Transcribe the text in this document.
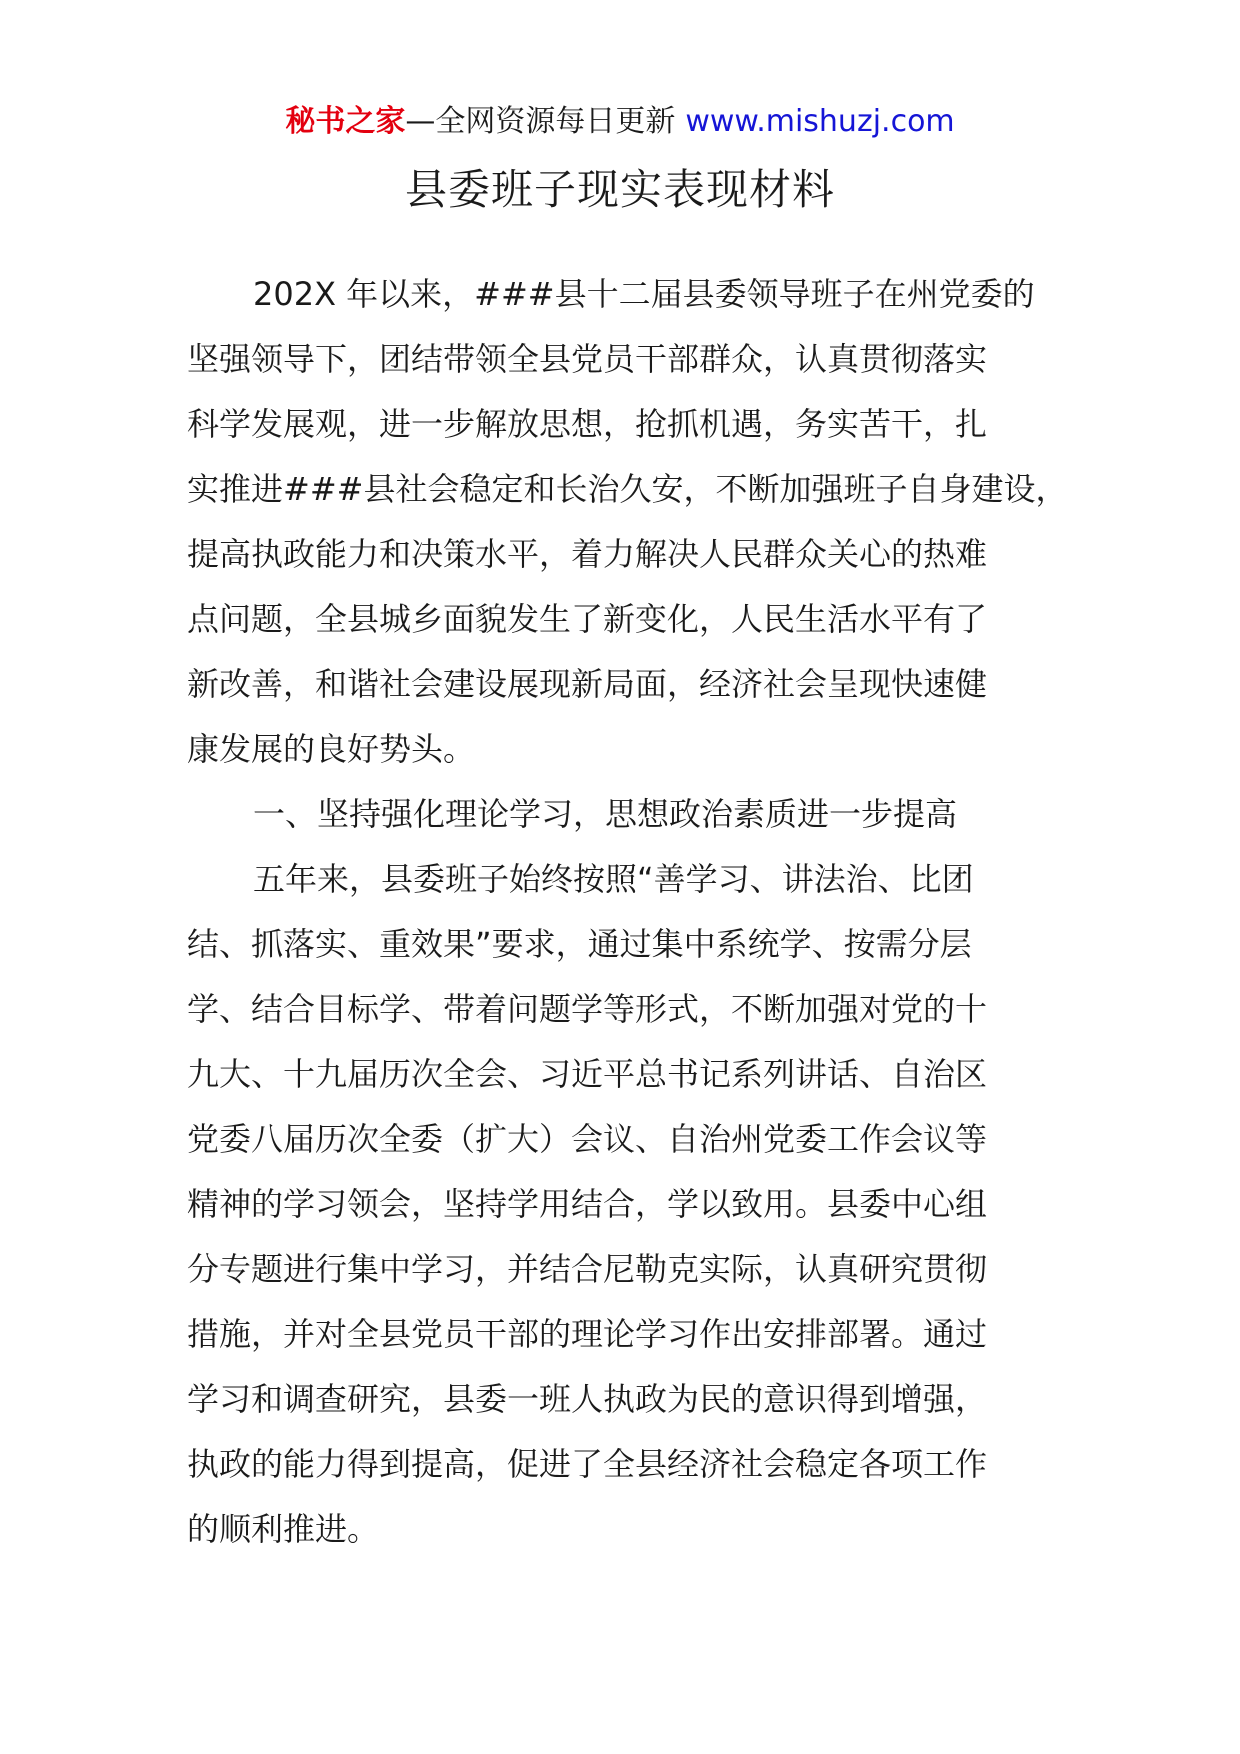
秘书之家—全网资源每日更新 www.mishuzj.com
县委班子现实表现材料
202X 年以来，###县十二届县委领导班子在州党委的
坚强领导下，团结带领全县党员干部群众，认真贯彻落实
科学发展观，进一步解放思想，抢抓机遇，务实苦干，扎
实推进###县社会稳定和长治久安，不断加强班子自身建设，
提高执政能力和决策水平，着力解决人民群众关心的热难
点问题，全县城乡面貌发生了新变化，人民生活水平有了
新改善，和谐社会建设展现新局面，经济社会呈现快速健
康发展的良好势头。
一、坚持强化理论学习，思想政治素质进一步提高
五年来，县委班子始终按照“善学习、讲法治、比团
结、抓落实、重效果”要求，通过集中系统学、按需分层
学、结合目标学、带着问题学等形式，不断加强对党的十
九大、十九届历次全会、习近平总书记系列讲话、自治区
党委八届历次全委（扩大）会议、自治州党委工作会议等
精神的学习领会，坚持学用结合，学以致用。县委中心组
分专题进行集中学习，并结合尼勒克实际，认真研究贯彻
措施，并对全县党员干部的理论学习作出安排部署。通过
学习和调查研究，县委一班人执政为民的意识得到增强，
执政的能力得到提高，促进了全县经济社会稳定各项工作
的顺利推进。
